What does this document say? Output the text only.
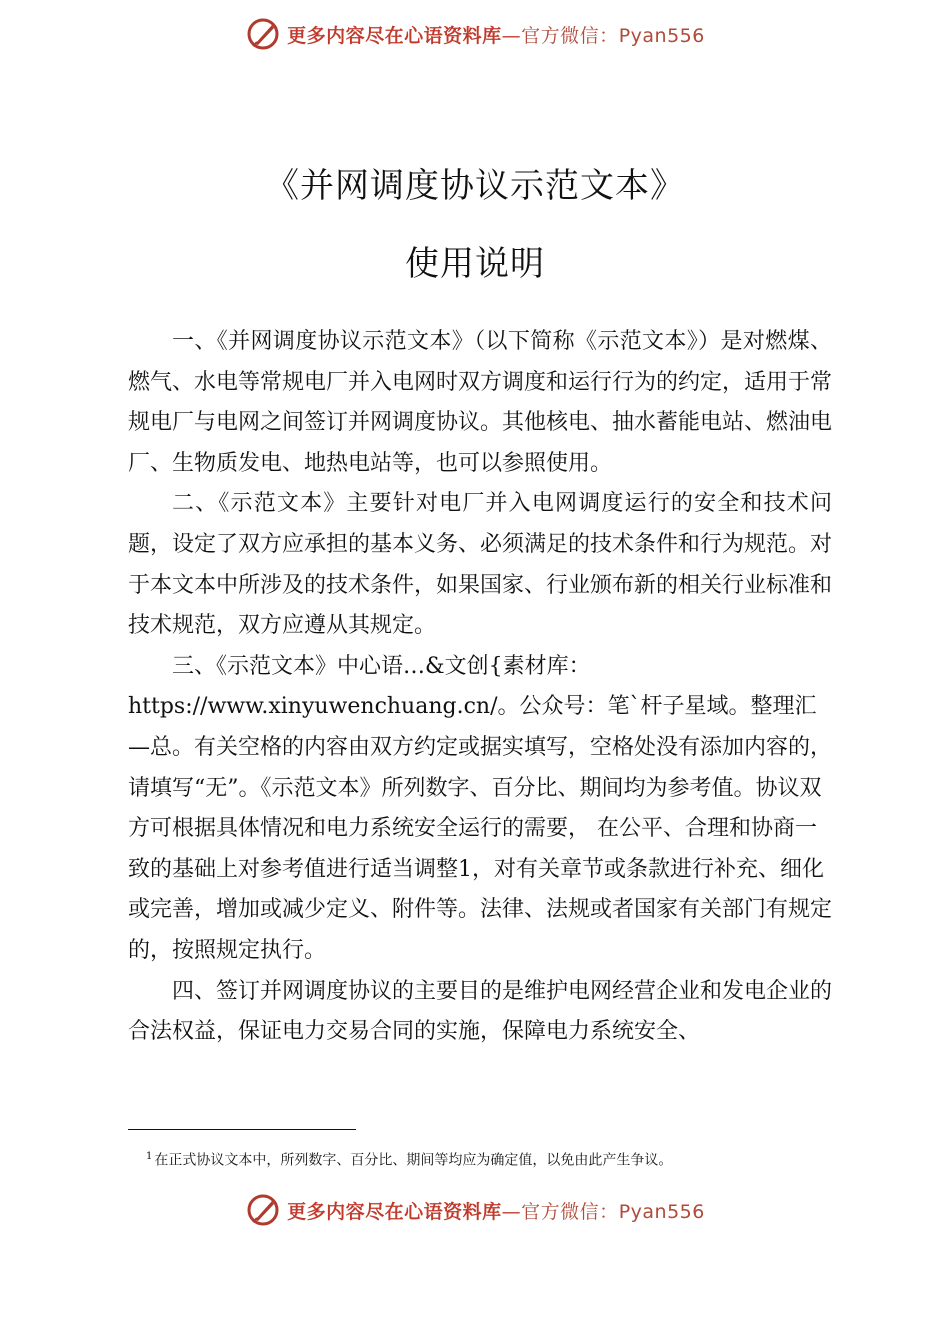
更多内容尽在心语资料库—官方微信：Pyan556
《并网调度协议示范文本》
使用说明

一、《并网调度协议示范文本》（以下简称《示范文本》）是对燃煤、燃气、水电等常规电厂并入电网时双方调度和运行行为的约定，适用于常规电厂与电网之间签订并网调度协议。其他核电、抽水蓄能电站、燃油电厂、生物质发电、地热电站等，也可以参照使用。

二、《示范文本》主要针对电厂并入电网调度运行的安全和技术问题，设定了双方应承担的基本义务、必须满足的技术条件和行为规范。对于本文本中所涉及的技术条件，如果国家、行业颁布新的相关行业标准和技术规范，双方应遵从其规定。

三、《示范文本》中心语…&文创{素材库：https://www.xinyuwenchuang.cn/。公众号：笔`杆子星域。整理汇—总。有关空格的内容由双方约定或据实填写，空格处没有添加内容的，请填写“无”。《示范文本》所列数字、百分比、期间均为参考值。协议双方可根据具体情况和电力系统安全运行的需要， 在公平、合理和协商一致的基础上对参考值进行适当调整1，对有关章节或条款进行补充、细化或完善，增加或减少定义、附件等。法律、法规或者国家有关部门有规定的，按照规定执行。

四、签订并网调度协议的主要目的是维护电网经营企业和发电企业的合法权益，保证电力交易合同的实施，保障电力系统安全、

$^1$ 在正式协议文本中，所列数字、百分比、期间等均应为确定值，以免由此产生争议。
更多内容尽在心语资料库—官方微信：Pyan556
